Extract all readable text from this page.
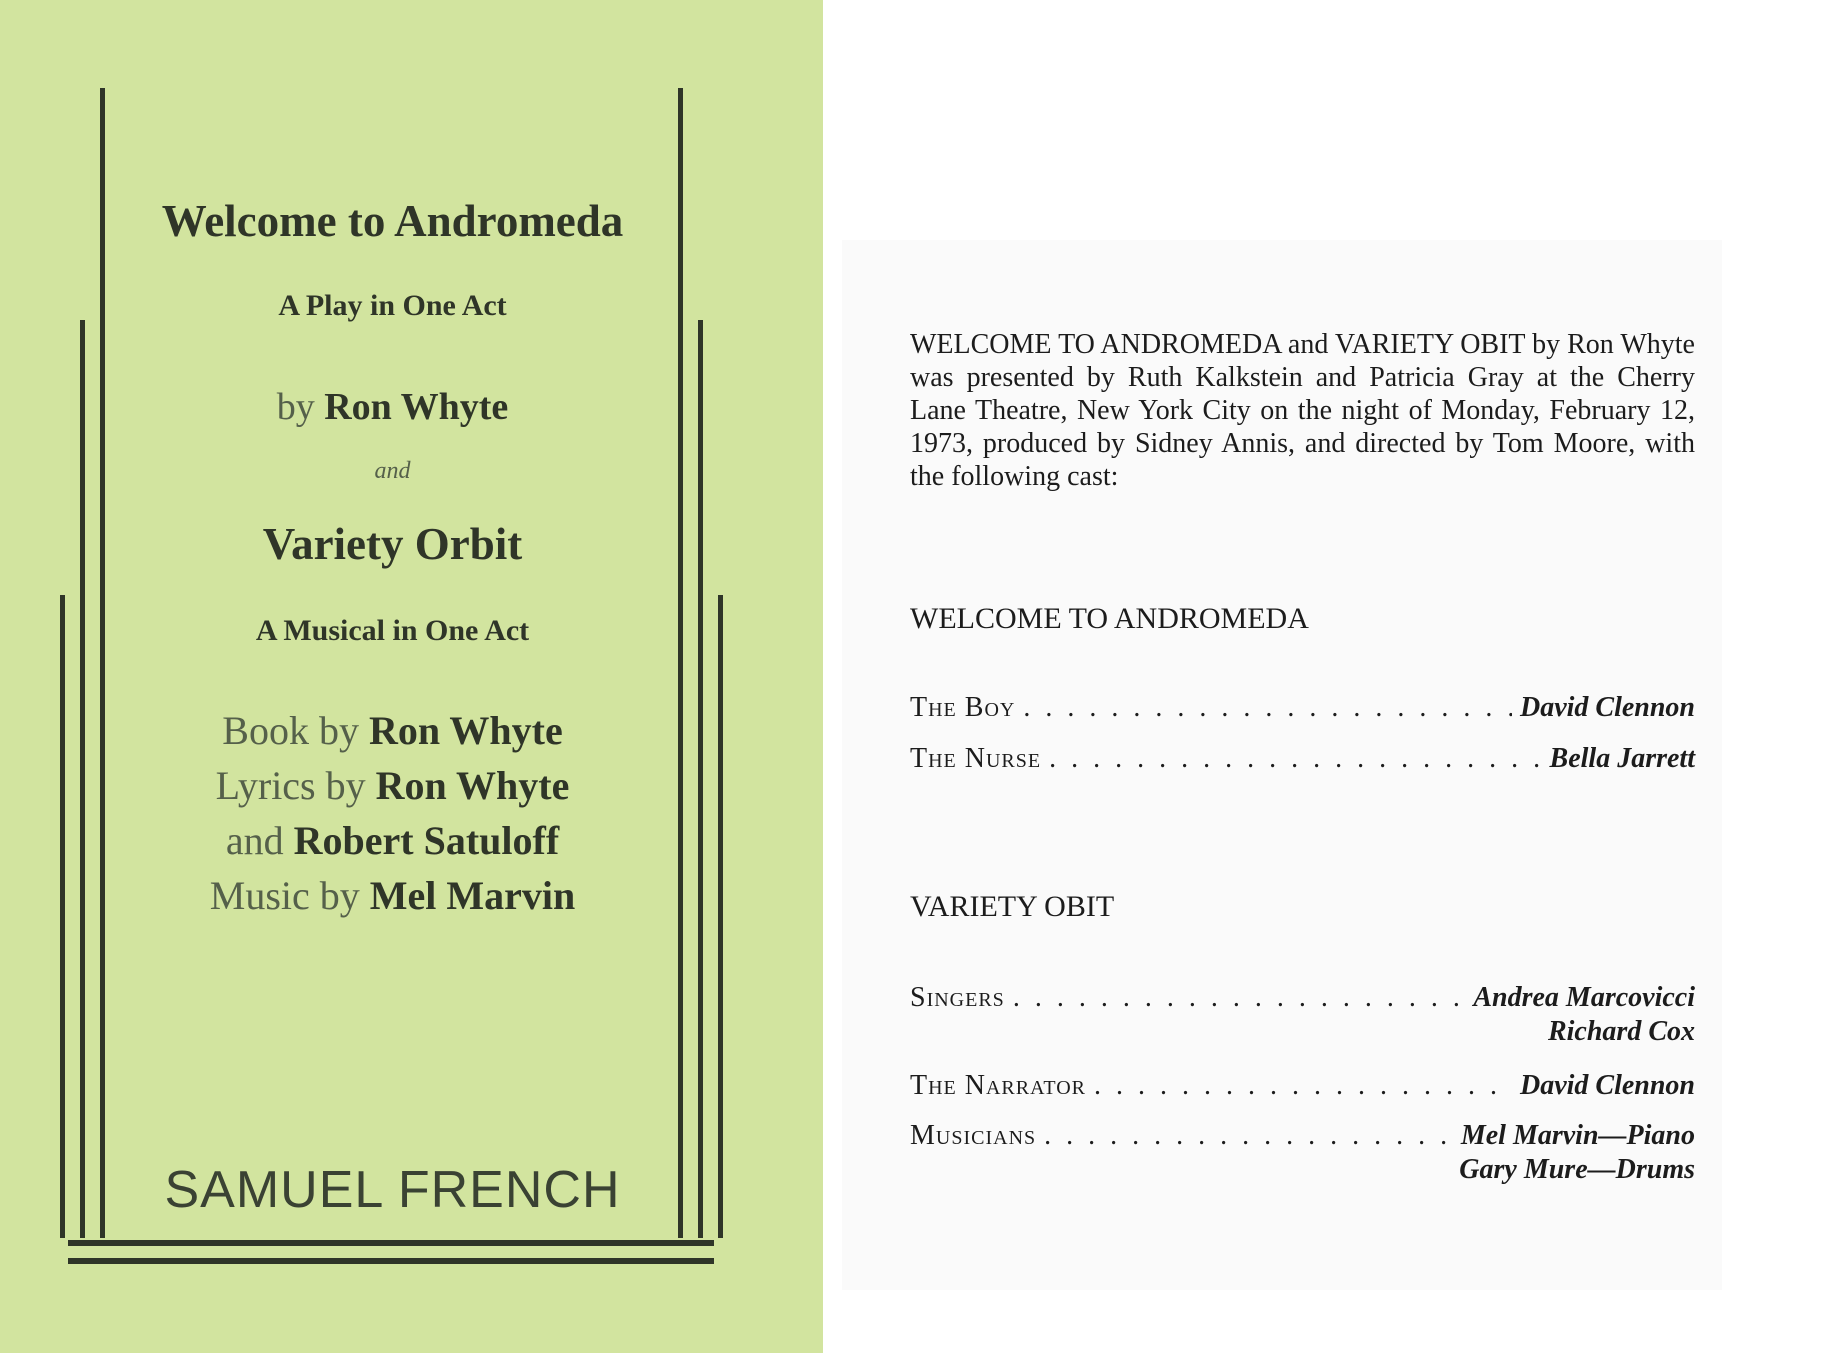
Welcome to Andromeda
A Play in One Act
by Ron Whyte
and
Variety Orbit
A Musical in One Act
Book by Ron Whyte
Lyrics by Ron Whyte
and Robert Satuloff
Music by Mel Marvin
SAMUEL FRENCH
WELCOME TO ANDROMEDA and VARIETY OBIT by Ron Whyte was presented by Ruth Kalkstein and Patricia Gray at the Cherry Lane Theatre, New York City on the night of Monday, February 12, 1973, produced by Sidney Annis, and directed by Tom Moore, with the following cast:
WELCOME TO ANDROMEDA
The Boy . . .	David Clennon
The Nurse . . .	Bella Jarrett
VARIETY OBIT
Singers . . .	Andrea Marcovicci
Richard Cox
The Narrator . . .	David Clennon
Musicians . . .	Mel Marvin—Piano
Gary Mure—Drums
